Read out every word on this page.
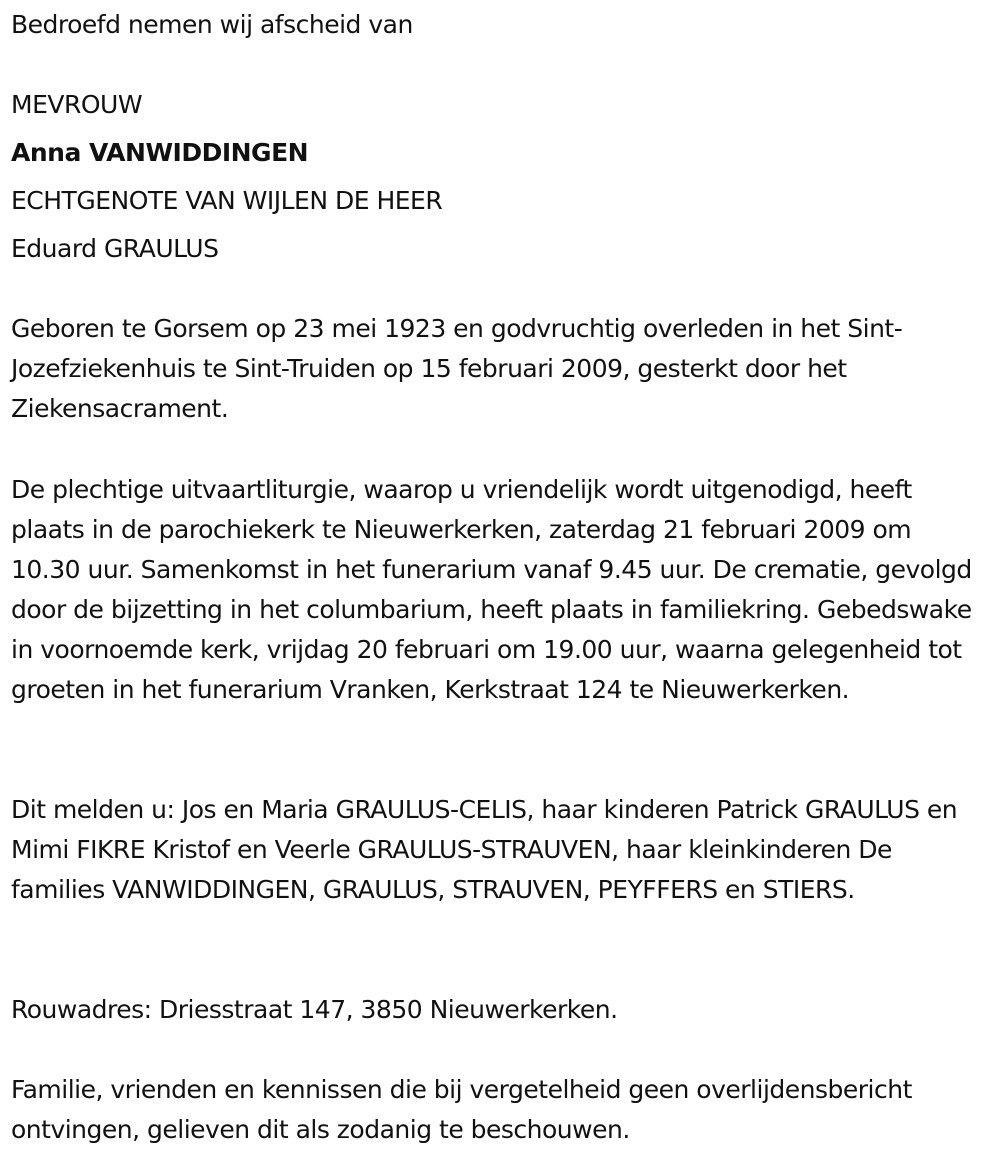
Bedroefd nemen wij afscheid van
MEVROUW
Anna VANWIDDINGEN
ECHTGENOTE VAN WIJLEN DE HEER
Eduard GRAULUS
Geboren te Gorsem op 23 mei 1923 en godvruchtig overleden in het Sint-Jozefziekenhuis te Sint-Truiden op 15 februari 2009, gesterkt door het Ziekensacrament.
De plechtige uitvaartliturgie, waarop u vriendelijk wordt uitgenodigd, heeft plaats in de parochiekerk te Nieuwerkerken, zaterdag 21 februari 2009 om 10.30 uur. Samenkomst in het funerarium vanaf 9.45 uur. De crematie, gevolgd door de bijzetting in het columbarium, heeft plaats in familiekring. Gebedswake in voornoemde kerk, vrijdag 20 februari om 19.00 uur, waarna gelegenheid tot groeten in het funerarium Vranken, Kerkstraat 124 te Nieuwerkerken.
Dit melden u: Jos en Maria GRAULUS-CELIS, haar kinderen Patrick GRAULUS en Mimi FIKRE Kristof en Veerle GRAULUS-STRAUVEN, haar kleinkinderen De families VANWIDDINGEN, GRAULUS, STRAUVEN, PEYFFERS en STIERS.
Rouwadres: Driesstraat 147, 3850 Nieuwerkerken.
Familie, vrienden en kennissen die bij vergetelheid geen overlijdensbericht ontvingen, gelieven dit als zodanig te beschouwen.
